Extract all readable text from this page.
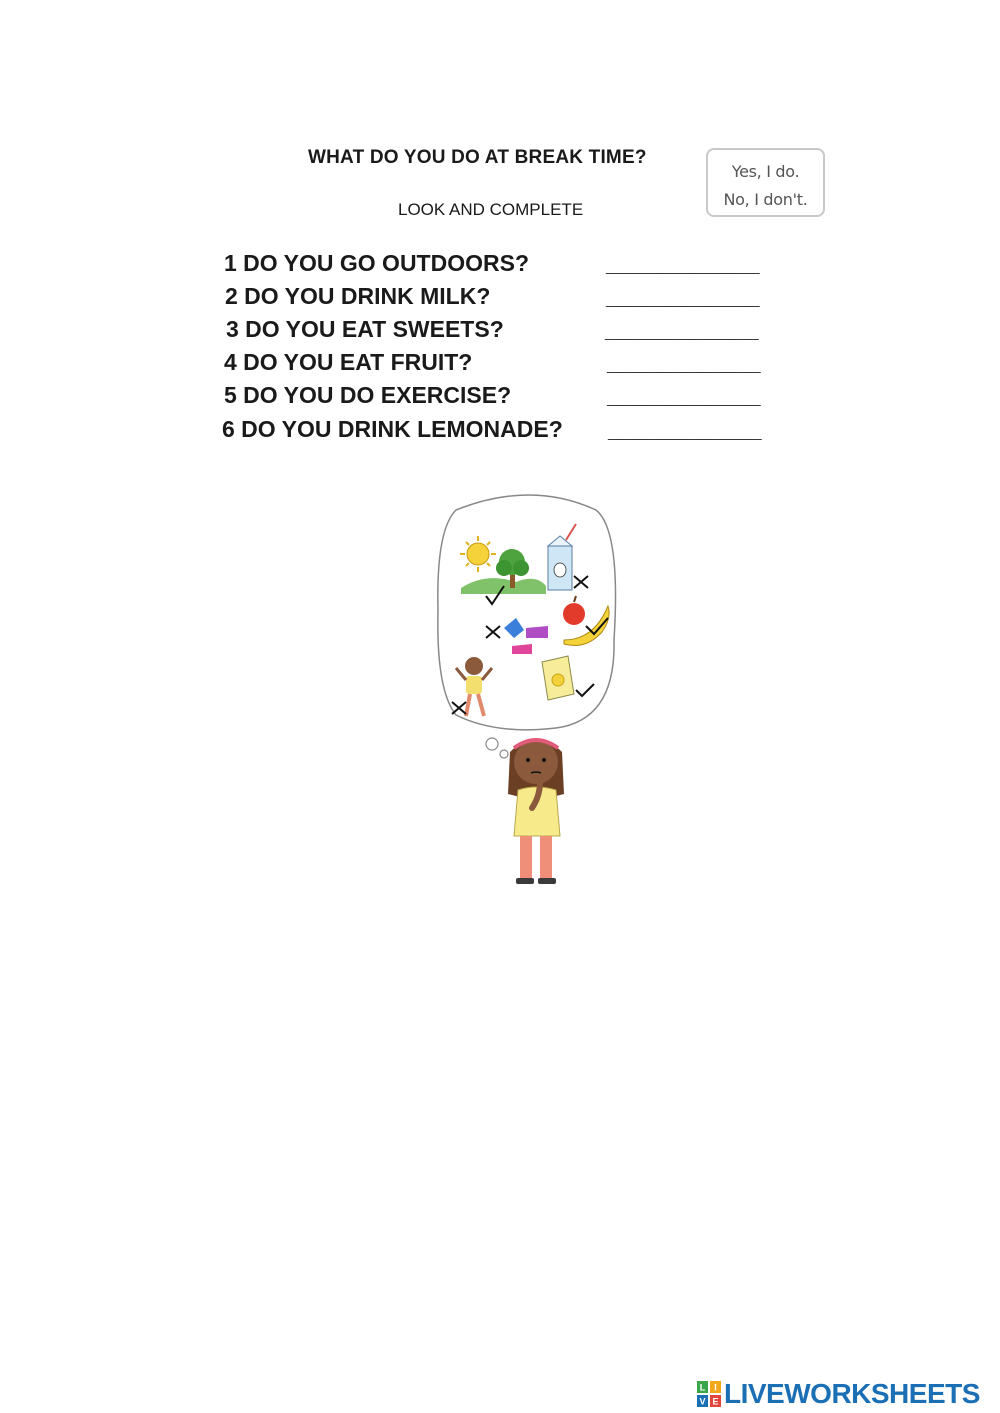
WHAT DO YOU DO AT BREAK TIME?
LOOK AND COMPLETE
Yes, I do.
No, I don't.
1 DO YOU GO OUTDOORS?	____________
2 DO YOU DRINK MILK?	____________
3 DO YOU EAT SWEETS?	____________
4 DO YOU EAT FRUIT?	____________
5 DO YOU DO EXERCISE?	____________
6 DO YOU DRINK LEMONADE? ____________
L I
V E LIVEWORKSHEETS
